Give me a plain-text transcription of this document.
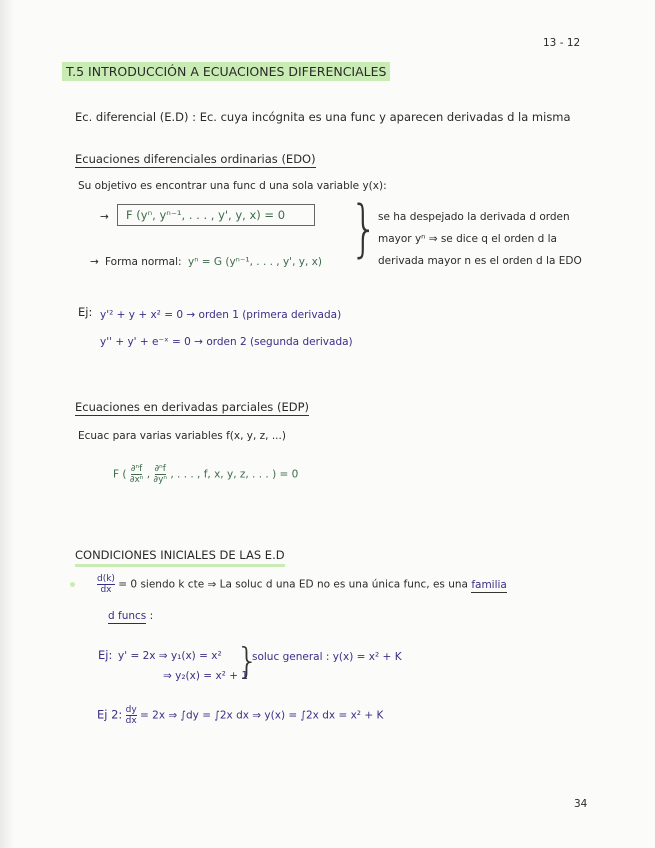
13 - 12
T.5 INTRODUCCIÓN A ECUACIONES DIFERENCIALES
Ec. diferencial (E.D) : Ec. cuya incógnita es una func y aparecen derivadas d la misma
Ecuaciones diferenciales ordinarias (EDO)
Su objetivo es encontrar una func d una sola variable y(x):
→	F (yⁿ, yⁿ⁻¹, . . . , y', y, x) = 0
→ Forma normal: yⁿ = G (yⁿ⁻¹, . . . , y', y, x) } se ha despejado la derivada d orden
mayor yⁿ ⇒ se dice q el orden d la
derivada mayor n es el orden d la EDO
Ej: y'² + y + x² = 0 → orden 1 (primera derivada)
y'' + y' + e⁻ˣ = 0 → orden 2 (segunda derivada)
Ecuaciones en derivadas parciales (EDP)
Ecuac para varias variables f(x, y, z, ...)
F ( $\frac{\text{∂ⁿf}}{\text{∂xⁿ}}$ , $\frac{\text{∂ⁿf}}{\text{∂yⁿ}}$ , . . . , f, x, y, z, . . . ) = 0
CONDICIONES INICIALES DE LAS E.D
$\frac{d(k)}{dx} = 0$ siendo k cte ⇒ La soluc d una ED no es una única func, es una familia
d funcs :
Ej: y' = 2x ⇒ y₁(x) = x²
⇒ y₂(x) = x² + 1
}
soluc general : y(x) = x² + K
Ej 2: $\frac{dy}{dx} = 2x$ ⇒ ∫dy = ∫2x dx ⇒ y(x) = ∫2x dx = x² + K
34
